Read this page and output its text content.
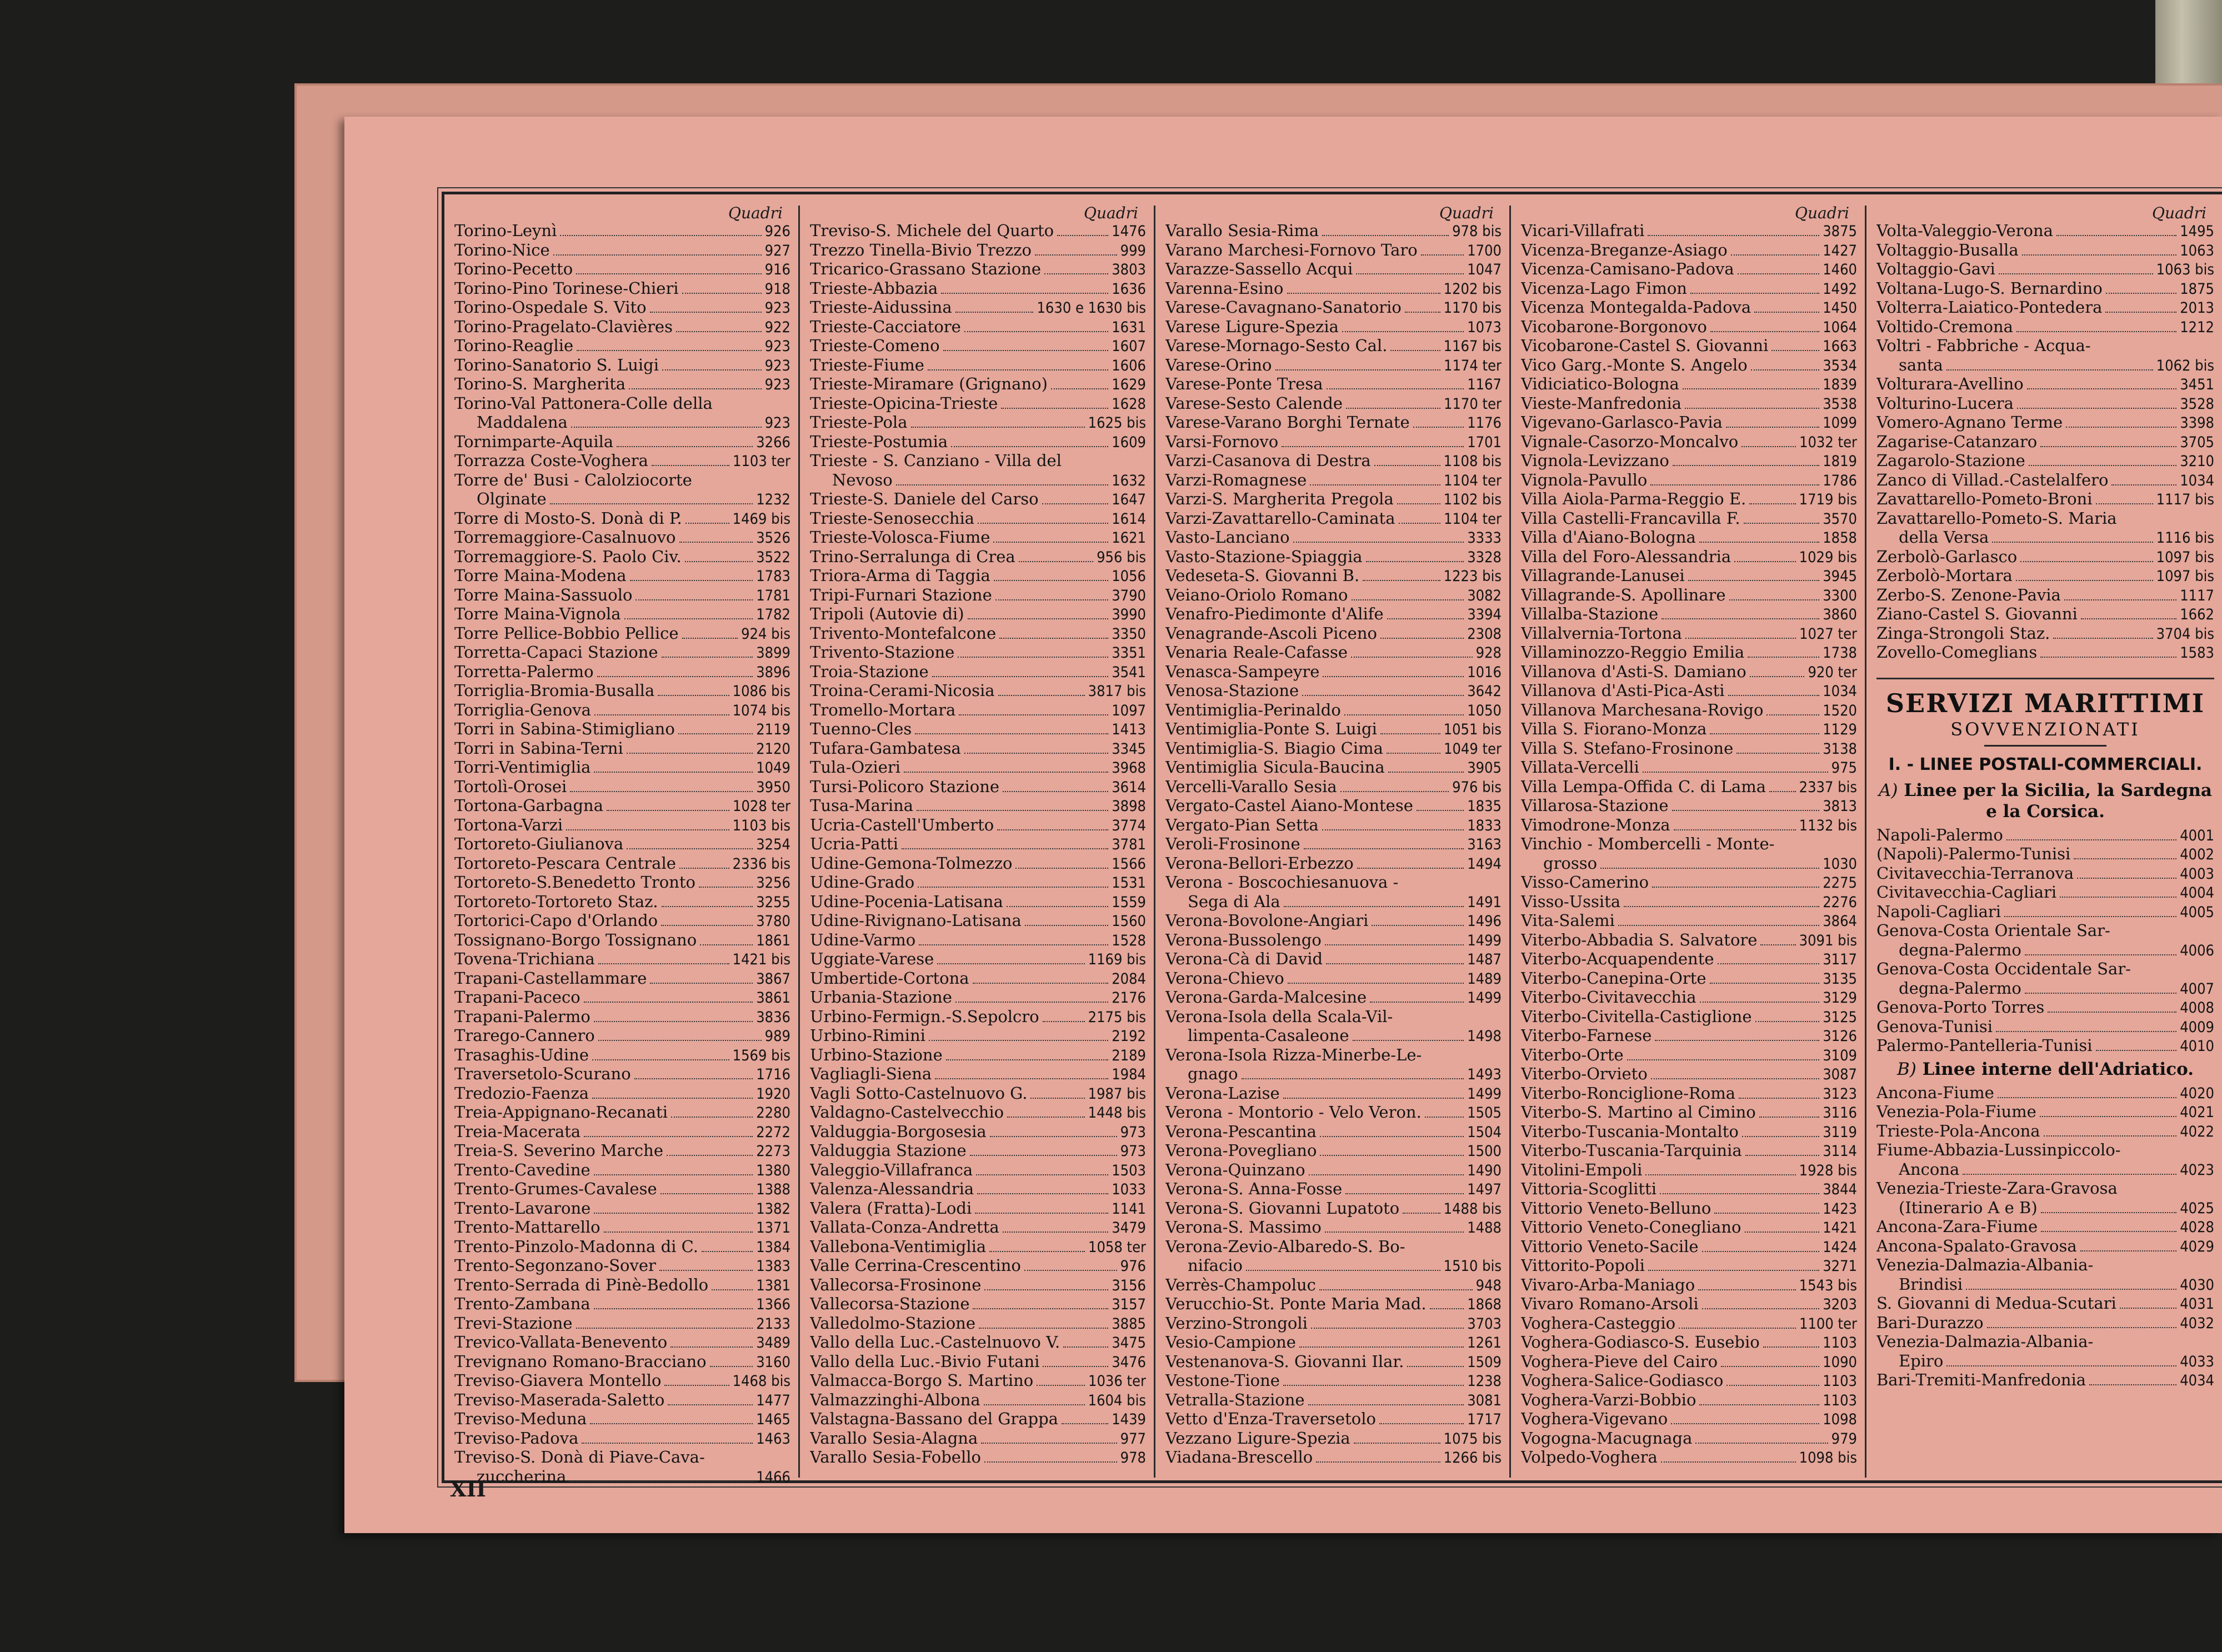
Quadri
Torino-Leynì	926
Torino-Nice	927
Torino-Pecetto	916
Torino-Pino Torinese-Chieri	918
Torino-Ospedale S. Vito	923
Torino-Pragelato-Clavières	922
Torino-Reaglie	923
Torino-Sanatorio S. Luigi	923
Torino-S. Margherita	923
Torino-Val Pattonera-Colle della
Maddalena	923
Tornimparte-Aquila	3266
Torrazza Coste-Voghera	1103 ter
Torre de' Busi - Calolziocorte
Olginate	1232
Torre di Mosto-S. Donà di P.	1469 bis
Torremaggiore-Casalnuovo	3526
Torremaggiore-S. Paolo Civ.	3522
Torre Maina-Modena	1783
Torre Maina-Sassuolo	1781
Torre Maina-Vignola	1782
Torre Pellice-Bobbio Pellice	924 bis
Torretta-Capaci Stazione	3899
Torretta-Palermo	3896
Torriglia-Bromia-Busalla	1086 bis
Torriglia-Genova	1074 bis
Torri in Sabina-Stimigliano	2119
Torri in Sabina-Terni	2120
Torri-Ventimiglia	1049
Tortolì-Orosei	3950
Tortona-Garbagna	1028 ter
Tortona-Varzi	1103 bis
Tortoreto-Giulianova	3254
Tortoreto-Pescara Centrale	2336 bis
Tortoreto-S.Benedetto Tronto	3256
Tortoreto-Tortoreto Staz.	3255
Tortorici-Capo d'Orlando	3780
Tossignano-Borgo Tossignano	1861
Tovena-Trichiana	1421 bis
Trapani-Castellammare	3867
Trapani-Paceco	3861
Trapani-Palermo	3836
Trarego-Cannero	989
Trasaghis-Udine	1569 bis
Traversetolo-Scurano	1716
Tredozio-Faenza	1920
Treia-Appignano-Recanati	2280
Treia-Macerata	2272
Treia-S. Severino Marche	2273
Trento-Cavedine	1380
Trento-Grumes-Cavalese	1388
Trento-Lavarone	1382
Trento-Mattarello	1371
Trento-Pinzolo-Madonna di C.	1384
Trento-Segonzano-Sover	1383
Trento-Serrada di Pinè-Bedollo	1381
Trento-Zambana	1366
Trevi-Stazione	2133
Trevico-Vallata-Benevento	3489
Trevignano Romano-Bracciano	3160
Treviso-Giavera Montello	1468 bis
Treviso-Maserada-Saletto	1477
Treviso-Meduna	1465
Treviso-Padova	1463
Treviso-S. Donà di Piave-Cava-
zuccherina	1466
Quadri
Treviso-S. Michele del Quarto	1476
Trezzo Tinella-Bivio Trezzo	999
Tricarico-Grassano Stazione	3803
Trieste-Abbazia	1636
Trieste-Aidussina	1630 e 1630 bis
Trieste-Cacciatore	1631
Trieste-Comeno	1607
Trieste-Fiume	1606
Trieste-Miramare (Grignano)	1629
Trieste-Opicina-Trieste	1628
Trieste-Pola	1625 bis
Trieste-Postumia	1609
Trieste - S. Canziano - Villa del
Nevoso	1632
Trieste-S. Daniele del Carso	1647
Trieste-Senosecchia	1614
Trieste-Volosca-Fiume	1621
Trino-Serralunga di Crea	956 bis
Triora-Arma di Taggia	1056
Tripi-Furnari Stazione	3790
Tripoli (Autovie di)	3990
Trivento-Montefalcone	3350
Trivento-Stazione	3351
Troia-Stazione	3541
Troina-Cerami-Nicosia	3817 bis
Tromello-Mortara	1097
Tuenno-Cles	1413
Tufara-Gambatesa	3345
Tula-Ozieri	3968
Tursi-Policoro Stazione	3614
Tusa-Marina	3898
Ucria-Castell'Umberto	3774
Ucria-Patti	3781
Udine-Gemona-Tolmezzo	1566
Udine-Grado	1531
Udine-Pocenia-Latisana	1559
Udine-Rivignano-Latisana	1560
Udine-Varmo	1528
Uggiate-Varese	1169 bis
Umbertide-Cortona	2084
Urbania-Stazione	2176
Urbino-Fermign.-S.Sepolcro	2175 bis
Urbino-Rimini	2192
Urbino-Stazione	2189
Vagliagli-Siena	1984
Vagli Sotto-Castelnuovo G.	1987 bis
Valdagno-Castelvecchio	1448 bis
Valduggia-Borgosesia	973
Valduggia Stazione	973
Valeggio-Villafranca	1503
Valenza-Alessandria	1033
Valera (Fratta)-Lodi	1141
Vallata-Conza-Andretta	3479
Vallebona-Ventimiglia	1058 ter
Valle Cerrina-Crescentino	976
Vallecorsa-Frosinone	3156
Vallecorsa-Stazione	3157
Valledolmo-Stazione	3885
Vallo della Luc.-Castelnuovo V.	3475
Vallo della Luc.-Bivio Futani	3476
Valmacca-Borgo S. Martino	1036 ter
Valmazzinghi-Albona	1604 bis
Valstagna-Bassano del Grappa	1439
Varallo Sesia-Alagna	977
Varallo Sesia-Fobello	978
Quadri
Varallo Sesia-Rima	978 bis
Varano Marchesi-Fornovo Taro	1700
Varazze-Sassello Acqui	1047
Varenna-Esino	1202 bis
Varese-Cavagnano-Sanatorio	1170 bis
Varese Ligure-Spezia	1073
Varese-Mornago-Sesto Cal.	1167 bis
Varese-Orino	1174 ter
Varese-Ponte Tresa	1167
Varese-Sesto Calende	1170 ter
Varese-Varano Borghi Ternate	1176
Varsi-Fornovo	1701
Varzi-Casanova di Destra	1108 bis
Varzi-Romagnese	1104 ter
Varzi-S. Margherita Pregola	1102 bis
Varzi-Zavattarello-Caminata	1104 ter
Vasto-Lanciano	3333
Vasto-Stazione-Spiaggia	3328
Vedeseta-S. Giovanni B.	1223 bis
Veiano-Oriolo Romano	3082
Venafro-Piedimonte d'Alife	3394
Venagrande-Ascoli Piceno	2308
Venaria Reale-Cafasse	928
Venasca-Sampeyre	1016
Venosa-Stazione	3642
Ventimiglia-Perinaldo	1050
Ventimiglia-Ponte S. Luigi	1051 bis
Ventimiglia-S. Biagio Cima	1049 ter
Ventimiglia Sicula-Baucina	3905
Vercelli-Varallo Sesia	976 bis
Vergato-Castel Aiano-Montese	1835
Vergato-Pian Setta	1833
Veroli-Frosinone	3163
Verona-Bellori-Erbezzo	1494
Verona - Boscochiesanuova -
Sega di Ala	1491
Verona-Bovolone-Angiari	1496
Verona-Bussolengo	1499
Verona-Cà di David	1487
Verona-Chievo	1489
Verona-Garda-Malcesine	1499
Verona-Isola della Scala-Vil-
limpenta-Casaleone	1498
Verona-Isola Rizza-Minerbe-Le-
gnago	1493
Verona-Lazise	1499
Verona - Montorio - Velo Veron.	1505
Verona-Pescantina	1504
Verona-Povegliano	1500
Verona-Quinzano	1490
Verona-S. Anna-Fosse	1497
Verona-S. Giovanni Lupatoto	1488 bis
Verona-S. Massimo	1488
Verona-Zevio-Albaredo-S. Bo-
nifacio	1510 bis
Verrès-Champoluc	948
Verucchio-St. Ponte Maria Mad.	1868
Verzino-Strongoli	3703
Vesio-Campione	1261
Vestenanova-S. Giovanni Ilar.	1509
Vestone-Tione	1238
Vetralla-Stazione	3081
Vetto d'Enza-Traversetolo	1717
Vezzano Ligure-Spezia	1075 bis
Viadana-Brescello	1266 bis
Quadri
Vicari-Villafrati	3875
Vicenza-Breganze-Asiago	1427
Vicenza-Camisano-Padova	1460
Vicenza-Lago Fimon	1492
Vicenza Montegalda-Padova	1450
Vicobarone-Borgonovo	1064
Vicobarone-Castel S. Giovanni	1663
Vico Garg.-Monte S. Angelo	3534
Vidiciatico-Bologna	1839
Vieste-Manfredonia	3538
Vigevano-Garlasco-Pavia	1099
Vignale-Casorzo-Moncalvo	1032 ter
Vignola-Levizzano	1819
Vignola-Pavullo	1786
Villa Aiola-Parma-Reggio E.	1719 bis
Villa Castelli-Francavilla F.	3570
Villa d'Aiano-Bologna	1858
Villa del Foro-Alessandria	1029 bis
Villagrande-Lanusei	3945
Villagrande-S. Apollinare	3300
Villalba-Stazione	3860
Villalvernia-Tortona	1027 ter
Villaminozzo-Reggio Emilia	1738
Villanova d'Asti-S. Damiano	920 ter
Villanova d'Asti-Pica-Asti	1034
Villanova Marchesana-Rovigo	1520
Villa S. Fiorano-Monza	1129
Villa S. Stefano-Frosinone	3138
Villata-Vercelli	975
Villa Lempa-Offida C. di Lama 2337 bis
Villarosa-Stazione	3813
Vimodrone-Monza	1132 bis
Vinchio - Mombercelli - Monte-
grosso	1030
Visso-Camerino	2275
Visso-Ussita	2276
Vita-Salemi	3864
Viterbo-Abbadia S. Salvatore	3091 bis
Viterbo-Acquapendente	3117
Viterbo-Canepina-Orte	3135
Viterbo-Civitavecchia	3129
Viterbo-Civitella-Castiglione	3125
Viterbo-Farnese	3126
Viterbo-Orte	3109
Viterbo-Orvieto	3087
Viterbo-Ronciglione-Roma	3123
Viterbo-S. Martino al Cimino	3116
Viterbo-Tuscania-Montalto	3119
Viterbo-Tuscania-Tarquinia	3114
Vitolini-Empoli	1928 bis
Vittoria-Scoglitti	3844
Vittorio Veneto-Belluno	1423
Vittorio Veneto-Conegliano	1421
Vittorio Veneto-Sacile	1424
Vittorito-Popoli	3271
Vivaro-Arba-Maniago	1543 bis
Vivaro Romano-Arsoli	3203
Voghera-Casteggio	1100 ter
Voghera-Godiasco-S. Eusebio	1103
Voghera-Pieve del Cairo	1090
Voghera-Salice-Godiasco	1103
Voghera-Varzi-Bobbio	1103
Voghera-Vigevano	1098
Vogogna-Macugnaga	979
Volpedo-Voghera	1098 bis
Quadri
Volta-Valeggio-Verona	1495
Voltaggio-Busalla	1063
Voltaggio-Gavi	1063 bis
Voltana-Lugo-S. Bernardino	1875
Volterra-Laiatico-Pontedera	2013
Voltido-Cremona	1212
Voltri - Fabbriche - Acqua-
santa	1062 bis
Volturara-Avellino	3451
Volturino-Lucera	3528
Vomero-Agnano Terme	3398
Zagarise-Catanzaro	3705
Zagarolo-Stazione	3210
Zanco di Villad.-Castelalfero	1034
Zavattarello-Pometo-Broni	1117 bis
Zavattarello-Pometo-S. Maria
della Versa	1116 bis
Zerbolò-Garlasco	1097 bis
Zerbolò-Mortara	1097 bis
Zerbo-S. Zenone-Pavia	1117
Ziano-Castel S. Giovanni	1662
Zinga-Strongoli Staz.	3704 bis
Zovello-Comeglians	1583
SERVIZI MARITTIMI
SOVVENZIONATI
I. - LINEE POSTALI-COMMERCIALI.
A) Linee per la Sicilia, la Sardegna e la Corsica.
Napoli-Palermo	4001
(Napoli)-Palermo-Tunisi	4002
Civitavecchia-Terranova	4003
Civitavecchia-Cagliari	4004
Napoli-Cagliari	4005
Genova-Costa Orientale Sar-
degna-Palermo	4006
Genova-Costa Occidentale Sar-
degna-Palermo	4007
Genova-Porto Torres	4008
Genova-Tunisi	4009
Palermo-Pantelleria-Tunisi	4010
B) Linee interne dell'Adriatico.
Ancona-Fiume	4020
Venezia-Pola-Fiume	4021
Trieste-Pola-Ancona	4022
Fiume-Abbazia-Lussinpiccolo-
Ancona	4023
Venezia-Trieste-Zara-Gravosa
(Itinerario A e B)	4025
Ancona-Zara-Fiume	4028
Ancona-Spalato-Gravosa	4029
Venezia-Dalmazia-Albania-
Brindisi	4030
S. Giovanni di Medua-Scutari	4031
Bari-Durazzo	4032
Venezia-Dalmazia-Albania-
Epiro	4033
Bari-Tremiti-Manfredonia	4034
XII
